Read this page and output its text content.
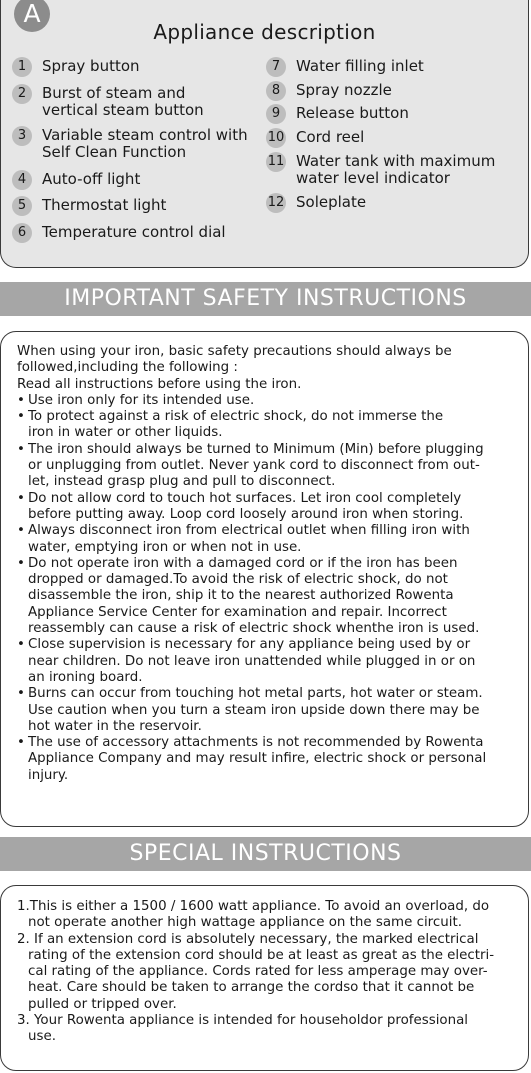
A
Appliance description
1	Spray button
2	Burst of steam and
vertical steam button
3	Variable steam control with
Self Clean Function
4	Auto-off light
5	Thermostat light
6	Temperature control dial
7	Water filling inlet
8	Spray nozzle
9	Release button
10 Cord reel
11 Water tank with maximum
water level indicator
12 Soleplate
IMPORTANT SAFETY INSTRUCTIONS

When using your iron, basic safety precautions should always be

followed,including the following :

Read all instructions before using the iron.

• Use iron only for its intended use.
• To protect against a risk of electric shock, do not immerse the
iron in water or other liquids.
• The iron should always be turned to Minimum (Min) before plugging
or unplugging from outlet. Never yank cord to disconnect from out-
let, instead grasp plug and pull to disconnect.
• Do not allow cord to touch hot surfaces. Let iron cool completely
before putting away. Loop cord loosely around iron when storing.
• Always disconnect iron from electrical outlet when filling iron with
water, emptying iron or when not in use.
• Do not operate iron with a damaged cord or if the iron has been
dropped or damaged.To avoid the risk of electric shock, do not
disassemble the iron, ship it to the nearest authorized Rowenta
Appliance Service Center for examination and repair. Incorrect
reassembly can cause a risk of electric shock whenthe iron is used.
• Close supervision is necessary for any appliance being used by or
near children. Do not leave iron unattended while plugged in or on
an ironing board.
• Burns can occur from touching hot metal parts, hot water or steam.
Use caution when you turn a steam iron upside down there may be
hot water in the reservoir.
• The use of accessory attachments is not recommended by Rowenta
Appliance Company and may result infire, electric shock or personal
injury.
SPECIAL INSTRUCTIONS
1.This is either a 1500 / 1600 watt appliance. To avoid an overload, do
not operate another high wattage appliance on the same circuit.
2. If an extension cord is absolutely necessary, the marked electrical
rating of the extension cord should be at least as great as the electri-
cal rating of the appliance. Cords rated for less amperage may over-
heat. Care should be taken to arrange the cordso that it cannot be
pulled or tripped over.
3. Your Rowenta appliance is intended for householdor professional
use.
